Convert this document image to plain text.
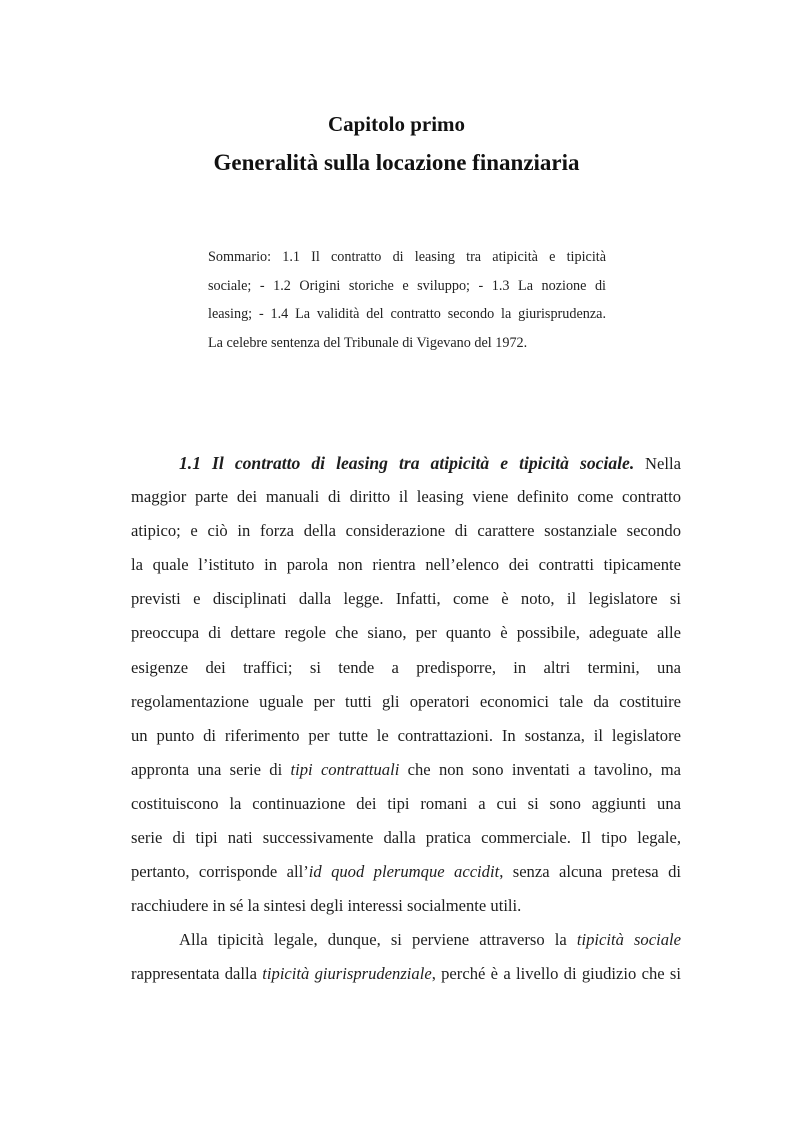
Capitolo primo
Generalità sulla locazione finanziaria
Sommario: 1.1 Il contratto di leasing tra atipicità e tipicità
sociale; - 1.2 Origini storiche e sviluppo; - 1.3 La nozione di
leasing; - 1.4 La validità del contratto secondo la giurisprudenza.
La celebre sentenza del Tribunale di Vigevano del 1972.
1.1 Il contratto di leasing tra atipicità e tipicità sociale. Nella
maggior parte dei manuali di diritto il leasing viene definito come contratto
atipico; e ciò in forza della considerazione di carattere sostanziale secondo
la quale l’istituto in parola non rientra nell’elenco dei contratti tipicamente
previsti e disciplinati dalla legge. Infatti, come è noto, il legislatore si
preoccupa di dettare regole che siano, per quanto è possibile, adeguate alle
esigenze dei traffici; si tende a predisporre, in altri termini, una
regolamentazione uguale per tutti gli operatori economici tale da costituire
un punto di riferimento per tutte le contrattazioni. In sostanza, il legislatore
appronta una serie di tipi contrattuali che non sono inventati a tavolino, ma
costituiscono la continuazione dei tipi romani a cui si sono aggiunti una
serie di tipi nati successivamente dalla pratica commerciale. Il tipo legale,
pertanto, corrisponde all’id quod plerumque accidit, senza alcuna pretesa di
racchiudere in sé la sintesi degli interessi socialmente utili.
Alla tipicità legale, dunque, si perviene attraverso la tipicità sociale
rappresentata dalla tipicità giurisprudenziale, perché è a livello di giudizio che si
